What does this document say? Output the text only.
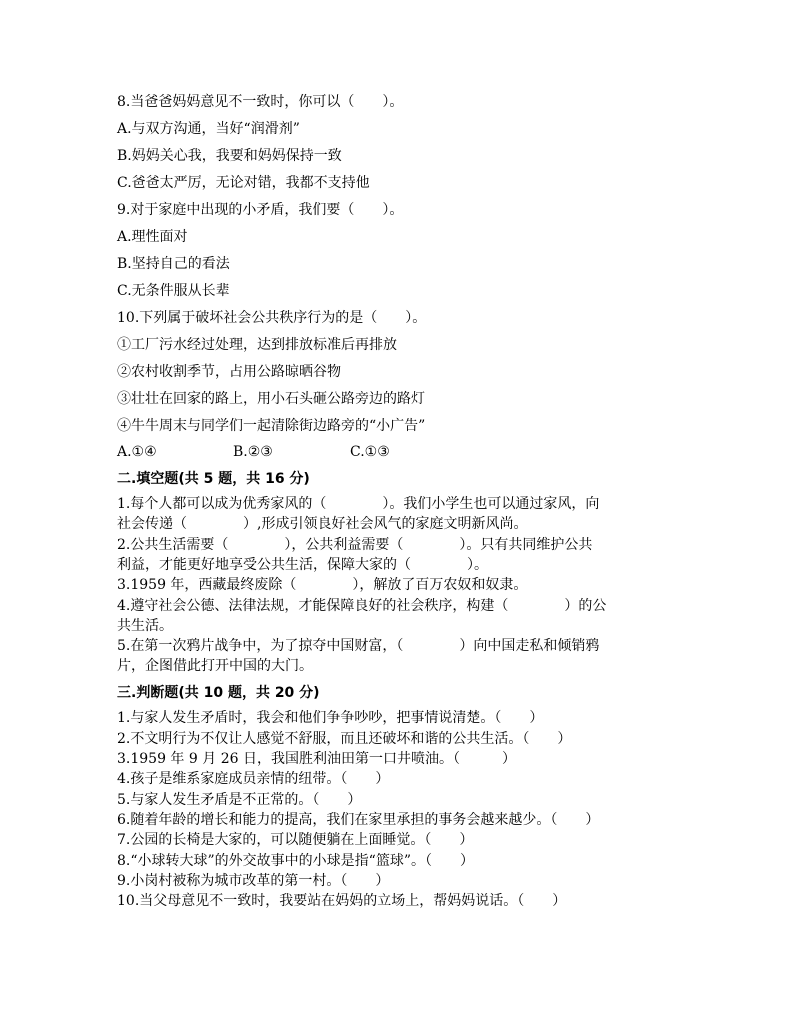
8.当爸爸妈妈意见不一致时，你可以（　　）。
A.与双方沟通，当好“润滑剂”
B.妈妈关心我，我要和妈妈保持一致
C.爸爸太严厉，无论对错，我都不支持他
9.对于家庭中出现的小矛盾，我们要（　　）。
A.理性面对
B.坚持自己的看法
C.无条件服从长辈
10.下列属于破坏社会公共秩序行为的是（　　）。
①工厂污水经过处理，达到排放标准后再排放
②农村收割季节，占用公路晾晒谷物
③壮壮在回家的路上，用小石头砸公路旁边的路灯
④牛牛周末与同学们一起清除街边路旁的“小广告”
A.①④	B.②③	C.①③
二.填空题(共 5 题，共 16 分)
1.每个人都可以成为优秀家风的（　　　　）。我们小学生也可以通过家风，向
社会传递（　　　　）,形成引领良好社会风气的家庭文明新风尚。
2.公共生活需要（　　　　），公共利益需要（　　　　）。只有共同维护公共
利益，才能更好地享受公共生活，保障大家的（　　　　）。
3.1959 年，西藏最终废除（　　　　），解放了百万农奴和奴隶。
4.遵守社会公德、法律法规，才能保障良好的社会秩序，构建（　　　　）的公
共生活。
5.在第一次鸦片战争中，为了掠夺中国财富，（　　　　）向中国走私和倾销鸦
片，企图借此打开中国的大门。
三.判断题(共 10 题，共 20 分)
1.与家人发生矛盾时，我会和他们争争吵吵，把事情说清楚。（　　）
2.不文明行为不仅让人感觉不舒服，而且还破坏和谐的公共生活。（　　）
3.1959 年 9 月 26 日，我国胜利油田第一口井喷油。（　　　）
4.孩子是维系家庭成员亲情的纽带。（　　）
5.与家人发生矛盾是不正常的。（　　）
6.随着年龄的增长和能力的提高，我们在家里承担的事务会越来越少。（　　）
7.公园的长椅是大家的，可以随便躺在上面睡觉。（　　）
8.“小球转大球”的外交故事中的小球是指“篮球”。（　　）
9.小岗村被称为城市改革的第一村。（　　）
10.当父母意见不一致时，我要站在妈妈的立场上，帮妈妈说话。（　　）
